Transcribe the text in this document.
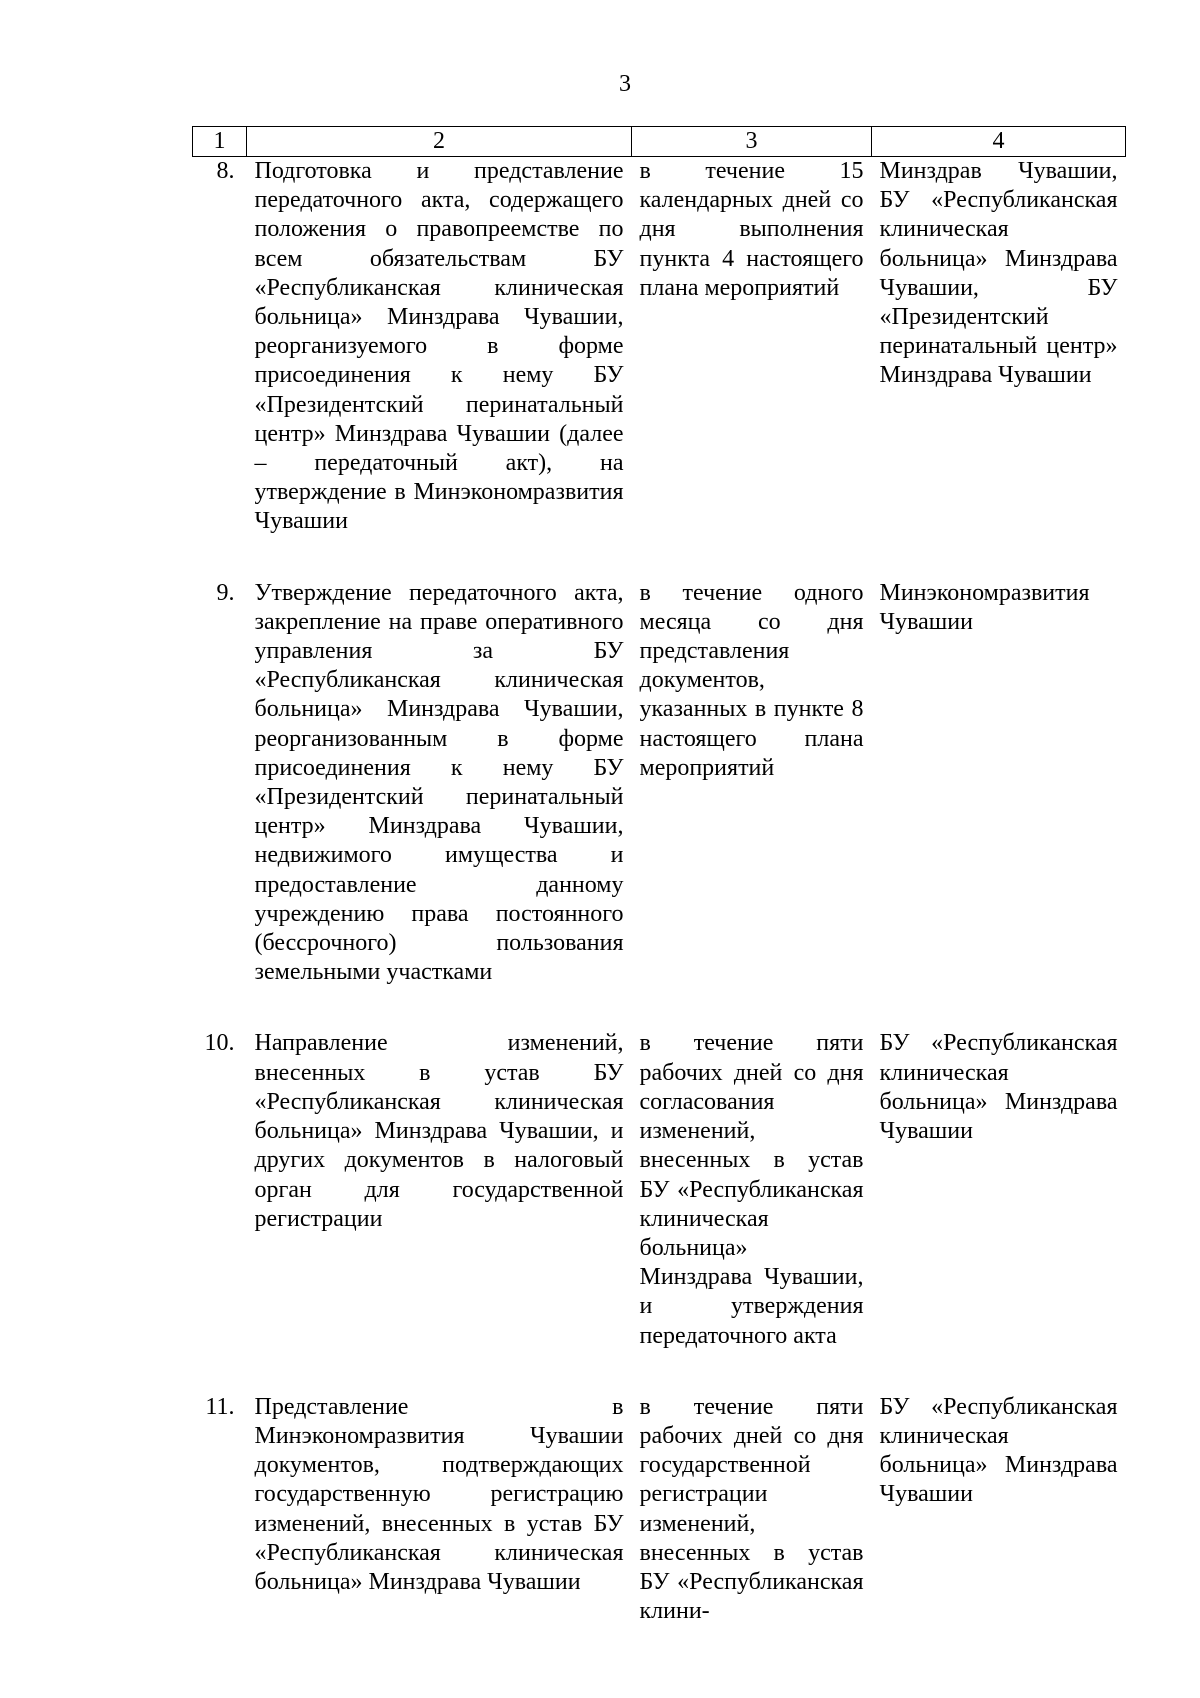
3
1	2	3	4
8.	Подготовка и представление передаточного акта, содержащего положения о правопреемстве по всем обязательствам БУ «Республиканская клиническая больница» Минздрава Чувашии, реорганизуемого в форме присоединения к нему БУ «Президентский перинатальный центр» Минздрава Чувашии (далее – передаточный акт), на утверждение в Минэкономразвития Чувашии	в течение 15 календарных дней со дня выполнения пункта 4 настоящего плана мероприятий	Минздрав Чувашии, БУ «Республиканская клиническая больница» Минздрава Чувашии, БУ «Президентский перинатальный центр» Минздрава Чувашии
9.	Утверждение передаточного акта, закрепление на праве оперативного управления за БУ «Республиканская клиническая больница» Минздрава Чувашии, реорганизованным в форме присоединения к нему БУ «Президентский перинатальный центр» Минздрава Чувашии, недвижимого имущества и предоставление данному учреждению права постоянного (бессрочного) пользования земельными участками	в течение одного месяца со дня представления документов, указанных в пункте 8 настоящего плана мероприятий	Минэкономразвития Чувашии
10.	Направление изменений, внесенных в устав БУ «Республиканская клиническая больница» Минздрава Чувашии, и других документов в налоговый орган для государственной регистрации	в течение пяти рабочих дней со дня согласования изменений, внесенных в устав БУ «Республиканская клиническая больница» Минздрава Чувашии, и утверждения передаточного акта	БУ «Республиканская клиническая больница» Минздрава Чувашии
11.	Представление в Минэкономразвития Чувашии документов, подтверждающих государственную регистрацию изменений, внесенных в устав БУ «Республиканская клиническая больница» Минздрава Чувашии	в течение пяти рабочих дней со дня государственной регистрации изменений, внесенных в устав БУ «Республиканская клини-	БУ «Республиканская клиническая больница» Минздрава Чувашии
